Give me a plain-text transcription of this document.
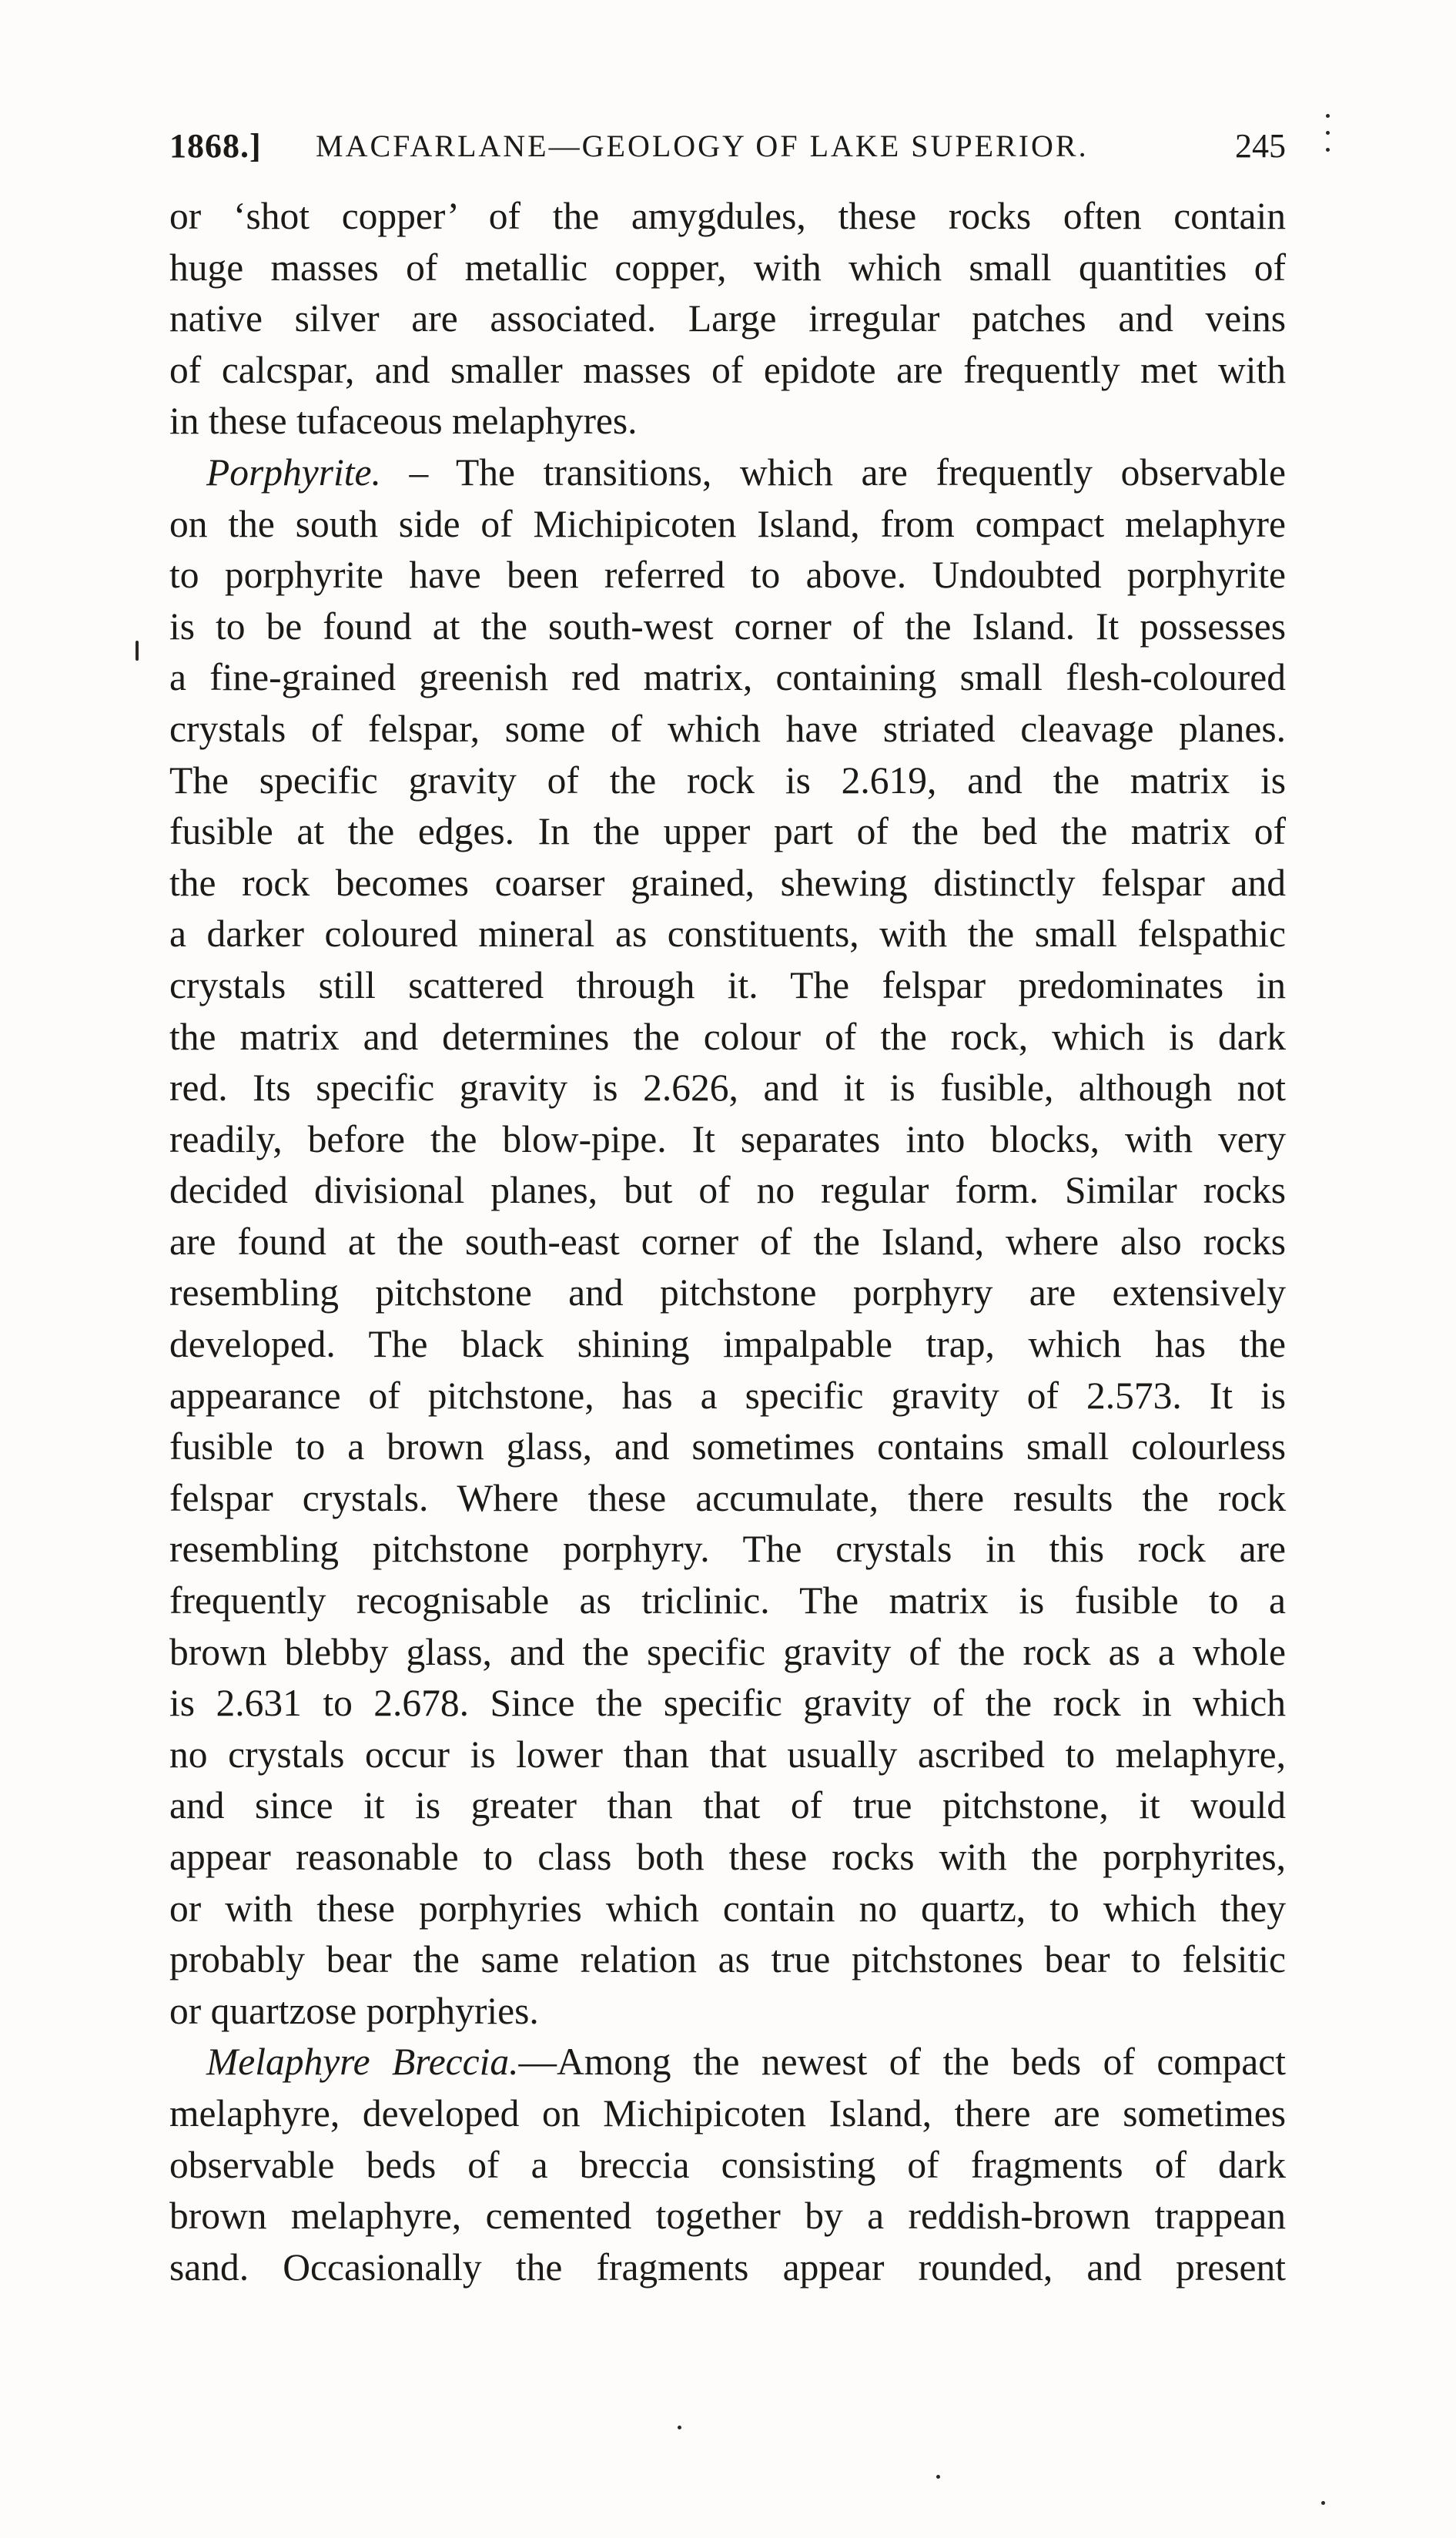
1868.] MACFARLANE—GEOLOGY OF LAKE SUPERIOR.	245
or ‘shot copper’ of the amygdules, these rocks often contain
huge masses of metallic copper, with which small quantities of
native silver are associated. Large irregular patches and veins
of calcspar, and smaller masses of epidote are frequently met with
in these tufaceous melaphyres.
Porphyrite. – The transitions, which are frequently observable
on the south side of Michipicoten Island, from compact melaphyre
to porphyrite have been referred to above. Undoubted porphyrite
is to be found at the south-west corner of the Island. It possesses
a fine-grained greenish red matrix, containing small flesh-coloured
crystals of felspar, some of which have striated cleavage planes.
The specific gravity of the rock is 2.619, and the matrix is
fusible at the edges. In the upper part of the bed the matrix of
the rock becomes coarser grained, shewing distinctly felspar and
a darker coloured mineral as constituents, with the small felspathic
crystals still scattered through it. The felspar predominates in
the matrix and determines the colour of the rock, which is dark
red. Its specific gravity is 2.626, and it is fusible, although not
readily, before the blow-pipe. It separates into blocks, with very
decided divisional planes, but of no regular form. Similar rocks
are found at the south-east corner of the Island, where also rocks
resembling pitchstone and pitchstone porphyry are extensively
developed. The black shining impalpable trap, which has the
appearance of pitchstone, has a specific gravity of 2.573. It is
fusible to a brown glass, and sometimes contains small colourless
felspar crystals. Where these accumulate, there results the rock
resembling pitchstone porphyry. The crystals in this rock are
frequently recognisable as triclinic. The matrix is fusible to a
brown blebby glass, and the specific gravity of the rock as a whole
is 2.631 to 2.678. Since the specific gravity of the rock in which
no crystals occur is lower than that usually ascribed to melaphyre,
and since it is greater than that of true pitchstone, it would
appear reasonable to class both these rocks with the porphyrites,
or with these porphyries which contain no quartz, to which they
probably bear the same relation as true pitchstones bear to felsitic
or quartzose porphyries.
Melaphyre Breccia.—Among the newest of the beds of compact
melaphyre, developed on Michipicoten Island, there are sometimes
observable beds of a breccia consisting of fragments of dark
brown melaphyre, cemented together by a reddish-brown trappean
sand. Occasionally the fragments appear rounded, and present
